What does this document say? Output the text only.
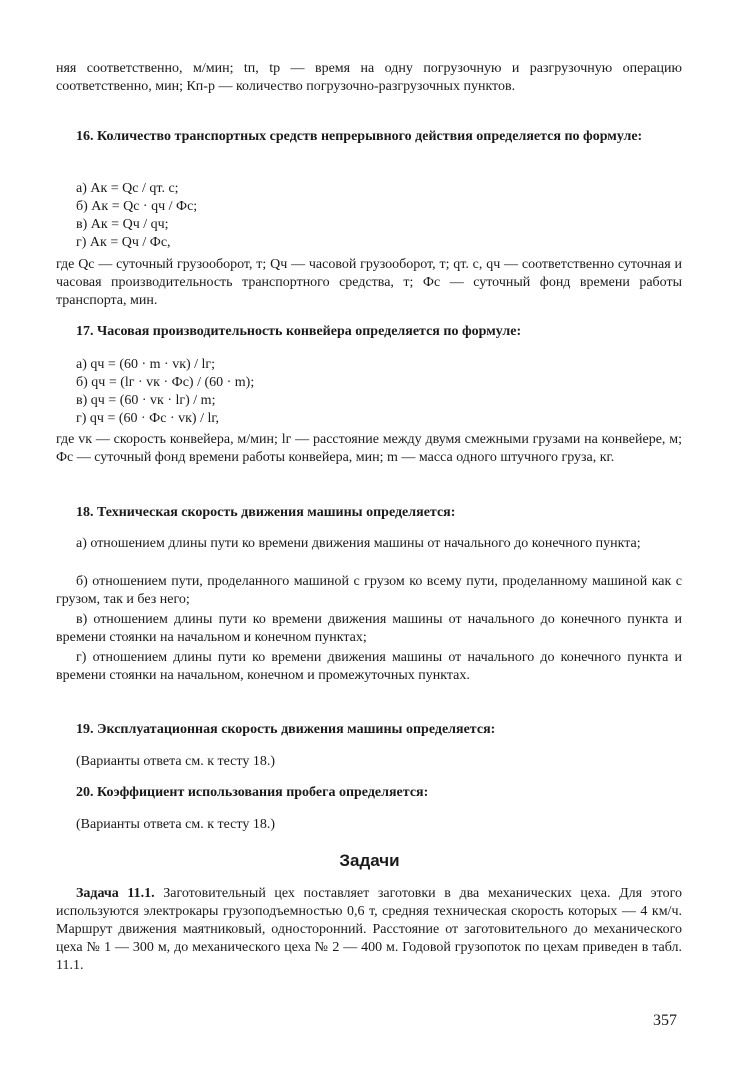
няя соответственно, м/мин; tп, tр — время на одну погрузочную и разгрузочную операцию соответственно, мин; Кп-р — количество погрузочно-разгрузочных пунктов.

16. Количество транспортных средств непрерывного действия определяется по формуле:

а) Aк = Qс / qт. с;
б) Aк = Qс · qч / Фс;
в) Aк = Qч / qч;
г) Aк = Qч / Фс,

где Qс — суточный грузооборот, т; Qч — часовой грузооборот, т; qт. с, qч — соответственно суточная и часовая производительность транспортного средства, т; Фс — суточный фонд времени работы транспорта, мин.

17. Часовая производительность конвейера определяется по формуле:

а) qч = (60 · m · vк) / lг;
б) qч = (lг · vк · Фс) / (60 · m);
в) qч = (60 · vк · lг) / m;
г) qч = (60 · Фс · vк) / lг,

где vк — скорость конвейера, м/мин; lг — расстояние между двумя смежными грузами на конвейере, м; Фс — суточный фонд времени работы конвейера, мин; m — масса одного штучного груза, кг.

18. Техническая скорость движения машины определяется:

а) отношением длины пути ко времени движения машины от начального до конечного пункта;

б) отношением пути, проделанного машиной с грузом ко всему пути, проделанному машиной как с грузом, так и без него;

в) отношением длины пути ко времени движения машины от начального до конечного пункта и времени стоянки на начальном и конечном пунктах;

г) отношением длины пути ко времени движения машины от начального до конечного пункта и времени стоянки на начальном, конечном и промежуточных пунктах.

19. Эксплуатационная скорость движения машины определяется:

(Варианты ответа см. к тесту 18.)

20. Коэффициент использования пробега определяется:

(Варианты ответа см. к тесту 18.)

Задачи

Задача 11.1. Заготовительный цех поставляет заготовки в два механических цеха. Для этого используются электрокары грузоподъемностью 0,6 т, средняя техническая скорость которых — 4 км/ч. Маршрут движения маятниковый, односторонний. Расстояние от заготовительного до механического цеха № 1 — 300 м, до механического цеха № 2 — 400 м. Годовой грузопоток по цехам приведен в табл. 11.1.

357
